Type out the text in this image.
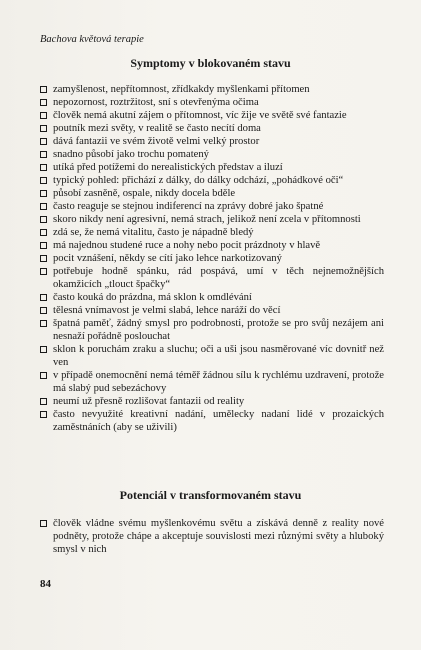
Bachova květová terapie
Symptomy v blokovaném stavu
zamyšlenost, nepřítomnost, zřídkakdy myšlenkami přítomen
nepozornost, roztržitost, sní s otevřenýma očima
člověk nemá akutní zájem o přítomnost, víc žije ve světě své fantazie
poutník mezi světy, v realitě se často necítí doma
dává fantazii ve svém životě velmi velký prostor
snadno působí jako trochu pomatený
utíká před potížemi do nerealistických představ a iluzí
typický pohled: přichází z dálky, do dálky odchází, „pohádkové oči“
působí zasněně, ospale, nikdy docela bděle
často reaguje se stejnou indiferencí na zprávy dobré jako špatné
skoro nikdy není agresivní, nemá strach, jelikož není zcela v přítomnosti
zdá se, že nemá vitalitu, často je nápadně bledý
má najednou studené ruce a nohy nebo pocit prázdnoty v hlavě
pocit vznášení, někdy se cítí jako lehce narkotizovaný
potřebuje hodně spánku, rád pospává, umí v těch nejnemožnějších okamžicích „tlouct špačky“
často kouká do prázdna, má sklon k omdlévání
tělesná vnímavost je velmi slabá, lehce naráží do věcí
špatná paměť, žádný smysl pro podrobnosti, protože se pro svůj nezájem ani nesnaží pořádně poslouchat
sklon k poruchám zraku a sluchu; oči a uši jsou nasměrované víc dovnitř než ven
v případě onemocnění nemá téměř žádnou sílu k rychlému uzdravení, protože má slabý pud sebezáchovy
neumí už přesně rozlišovat fantazii od reality
často nevyužité kreativní nadání, umělecky nadaní lidé v prozaických zaměstnáních (aby se uživili)
Potenciál v transformovaném stavu
člověk vládne svému myšlenkovému světu a získává denně z reality nové podněty, protože chápe a akceptuje souvislosti mezi různými světy a hluboký smysl v nich
84
